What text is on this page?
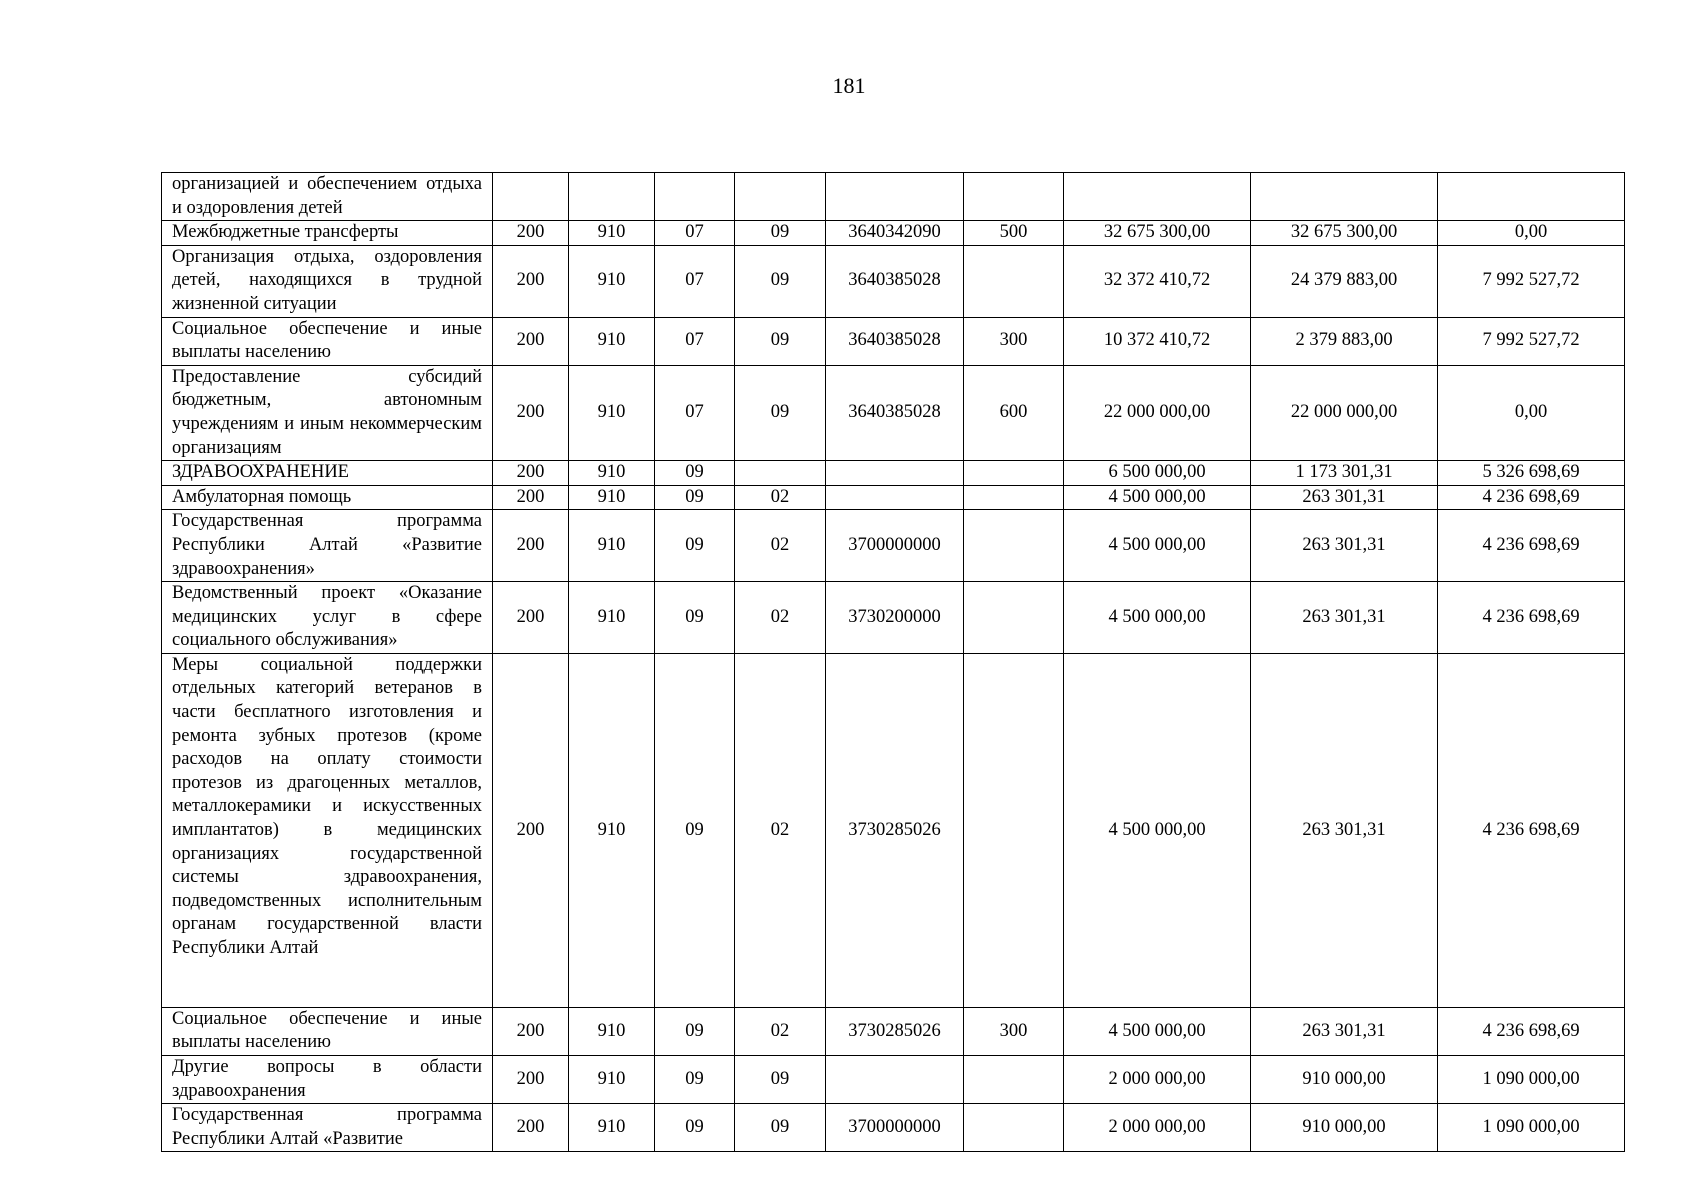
181
организацией и обеспечением отдыха и оздоровления детей									
Межбюджетные трансферты	200	910	07	09	3640342090	500	32 675 300,00	32 675 300,00	0,00
Организация отдыха, оздоровления детей, находящихся в трудной жизненной ситуации	200	910	07	09	3640385028		32 372 410,72	24 379 883,00	7 992 527,72
Социальное обеспечение и иные выплаты населению	200	910	07	09	3640385028	300	10 372 410,72	2 379 883,00	7 992 527,72
Предоставление субсидий бюджетным, автономным учреждениям и иным некоммерческим организациям	200	910	07	09	3640385028	600	22 000 000,00	22 000 000,00	0,00
ЗДРАВООХРАНЕНИЕ	200	910	09				6 500 000,00	1 173 301,31	5 326 698,69
Амбулаторная помощь	200	910	09	02			4 500 000,00	263 301,31	4 236 698,69
Государственная программа Республики Алтай «Развитие здравоохранения»	200	910	09	02	3700000000		4 500 000,00	263 301,31	4 236 698,69
Ведомственный проект «Оказание медицинских услуг в сфере социального обслуживания»	200	910	09	02	3730200000		4 500 000,00	263 301,31	4 236 698,69
Меры социальной поддержки отдельных категорий ветеранов в части бесплатного изготовления и ремонта зубных протезов (кроме расходов на оплату стоимости протезов из драгоценных металлов, металлокерамики и искусственных имплантатов) в медицинских организациях государственной системы здравоохранения, подведомственных исполнительным органам государственной власти Республики Алтай	200	910	09	02	3730285026		4 500 000,00	263 301,31	4 236 698,69
Социальное обеспечение и иные выплаты населению	200	910	09	02	3730285026	300	4 500 000,00	263 301,31	4 236 698,69
Другие вопросы в области здравоохранения	200	910	09	09			2 000 000,00	910 000,00	1 090 000,00
Государственная программа Республики Алтай «Развитие	200	910	09	09	3700000000		2 000 000,00	910 000,00	1 090 000,00
